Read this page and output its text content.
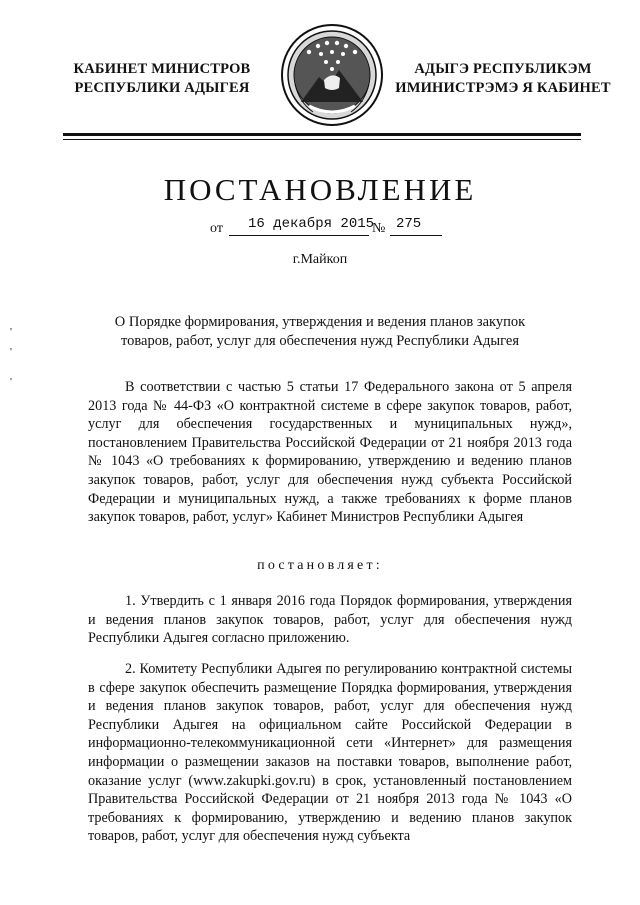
КАБИНЕТ МИНИСТРОВ
РЕСПУБЛИКИ АДЫГЕЯ
АДЫГЭ РЕСПУБЛИКЭМ
ИМИНИСТРЭМЭ Я КАБИНЕТ
ПОСТАНОВЛЕНИЕ
от 16 декабря 2015
№ 275
г.Майкоп
О Порядке формирования, утверждения и ведения планов закупок
товаров, работ, услуг для обеспечения нужд Республики Адыгея

В соответствии с частью 5 статьи 17 Федерального закона от 5 апреля 2013 года № 44-ФЗ «О контрактной системе в сфере закупок товаров, работ, услуг для обеспечения государственных и муниципальных нужд», постановлением Правительства Российской Федерации от 21 ноября 2013 года № 1043 «О требованиях к формированию, утверждению и ведению планов закупок товаров, работ, услуг для обеспечения нужд субъекта Российской Федерации и муниципальных нужд, а также требованиях к форме планов закупок товаров, работ, услуг» Кабинет Министров Республики Адыгея

постановляет:

1. Утвердить с 1 января 2016 года Порядок формирования, утверждения и ведения планов закупок товаров, работ, услуг для обеспечения нужд Республики Адыгея согласно приложению.

2. Комитету Республики Адыгея по регулированию контрактной системы в сфере закупок обеспечить размещение Порядка формирования, утверждения и ведения планов закупок товаров, работ, услуг для обеспечения нужд Республики Адыгея на официальном сайте Российской Федерации в информационно-телекоммуникационной сети «Интернет» для размещения информации о размещении заказов на поставки товаров, выполнение работ, оказание услуг (www.zakupki.gov.ru) в срок, установленный постановлением Правительства Российской Федерации от 21 ноября 2013 года № 1043 «О требованиях к формированию, утверждению и ведению планов закупок товаров, работ, услуг для обеспечения нужд субъекта

'
'
'
